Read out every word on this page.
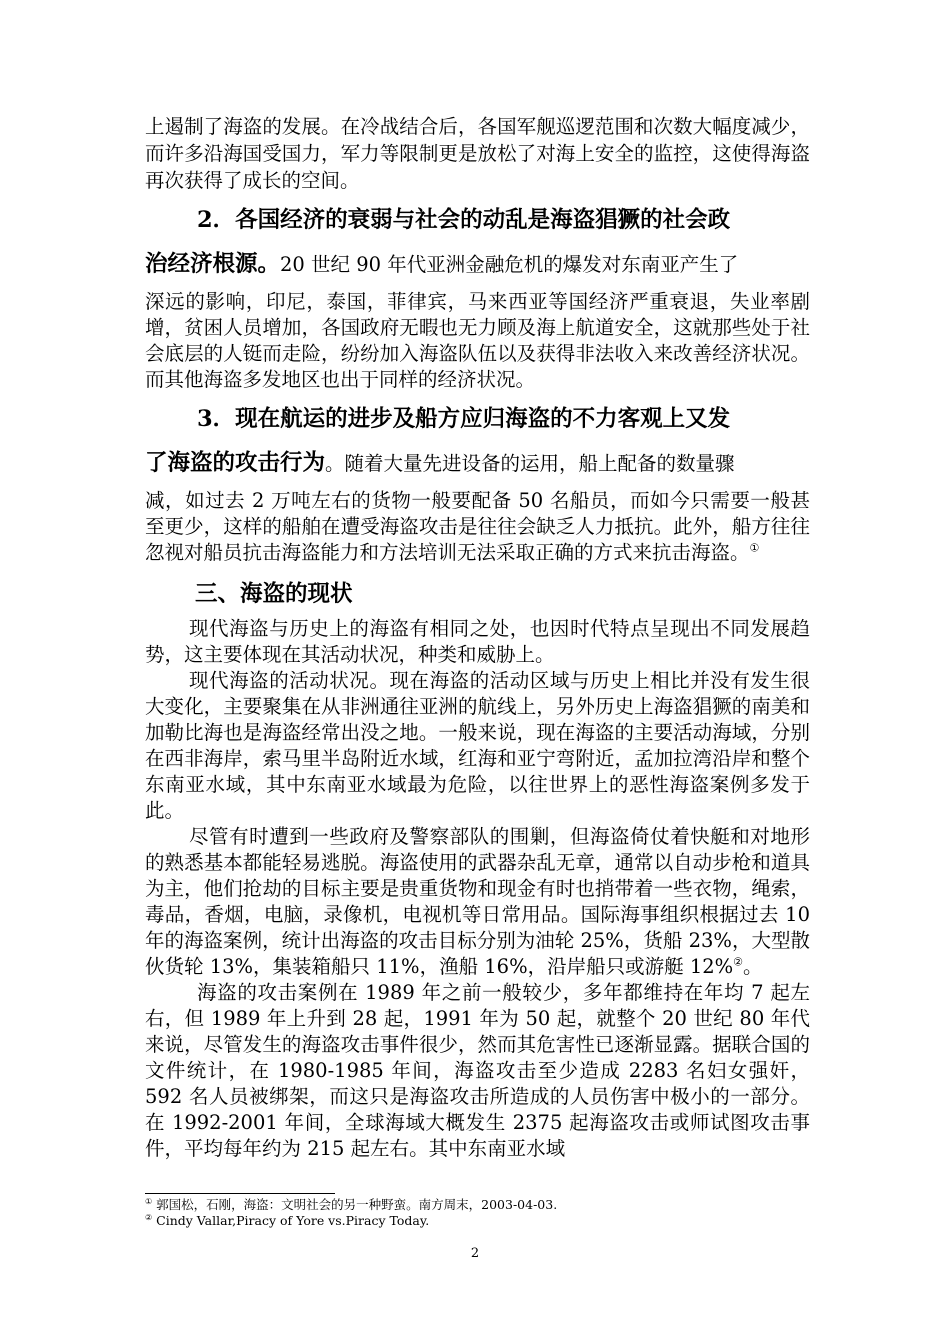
上遏制了海盗的发展。在冷战结合后，各国军舰巡逻范围和次数大幅度减少，而许多沿海国受国力，军力等限制更是放松了对海上安全的监控，这使得海盗再次获得了成长的空间。

2．各国经济的衰弱与社会的动乱是海盗猖獗的社会政
治经济根源。20 世纪 90 年代亚洲金融危机的爆发对东南亚产生了

深远的影响，印尼，泰国，菲律宾，马来西亚等国经济严重衰退，失业率剧增，贫困人员增加，各国政府无暇也无力顾及海上航道安全，这就那些处于社会底层的人铤而走险，纷纷加入海盗队伍以及获得非法收入来改善经济状况。而其他海盗多发地区也出于同样的经济状况。

3．现在航运的进步及船方应归海盗的不力客观上又发
了海盗的攻击行为。随着大量先进设备的运用，船上配备的数量骤

减，如过去 2 万吨左右的货物一般要配备 50 名船员，而如今只需要一般甚至更少，这样的船舶在遭受海盗攻击是往往会缺乏人力抵抗。此外，船方往往忽视对船员抗击海盗能力和方法培训无法采取正确的方式来抗击海盗。①

三、海盗的现状

现代海盗与历史上的海盗有相同之处，也因时代特点呈现出不同发展趋势，这主要体现在其活动状况，种类和威胁上。

现代海盗的活动状况。现在海盗的活动区域与历史上相比并没有发生很大变化，主要聚集在从非洲通往亚洲的航线上，另外历史上海盗猖獗的南美和加勒比海也是海盗经常出没之地。一般来说，现在海盗的主要活动海域，分别在西非海岸，索马里半岛附近水域，红海和亚宁弯附近，孟加拉湾沿岸和整个东南亚水域，其中东南亚水域最为危险，以往世界上的恶性海盗案例多发于此。

尽管有时遭到一些政府及警察部队的围剿，但海盗倚仗着快艇和对地形的熟悉基本都能轻易逃脱。海盗使用的武器杂乱无章，通常以自动步枪和道具为主，他们抢劫的目标主要是贵重货物和现金有时也捎带着一些衣物，绳索，毒品，香烟，电脑，录像机，电视机等日常用品。国际海事组织根据过去 10 年的海盗案例，统计出海盗的攻击目标分别为油轮 25%，货船 23%，大型散伙货轮 13%，集装箱船只 11%，渔船 16%，沿岸船只或游艇 12%②。

海盗的攻击案例在 1989 年之前一般较少，多年都维持在年均 7 起左右，但 1989 年上升到 28 起，1991 年为 50 起，就整个 20 世纪 80 年代来说，尽管发生的海盗攻击事件很少，然而其危害性已逐渐显露。据联合国的文件统计，在 1980-1985 年间，海盗攻击至少造成 2283 名妇女强奸，592 名人员被绑架，而这只是海盗攻击所造成的人员伤害中极小的一部分。在 1992-2001 年间，全球海域大概发生 2375 起海盗攻击或师试图攻击事件，平均每年约为 215 起左右。其中东南亚水域

① 郭国松，石刚，海盗：文明社会的另一种野蛮。南方周末，2003-04-03.
② Cindy Vallar,Piracy of Yore vs.Piracy Today.
2
